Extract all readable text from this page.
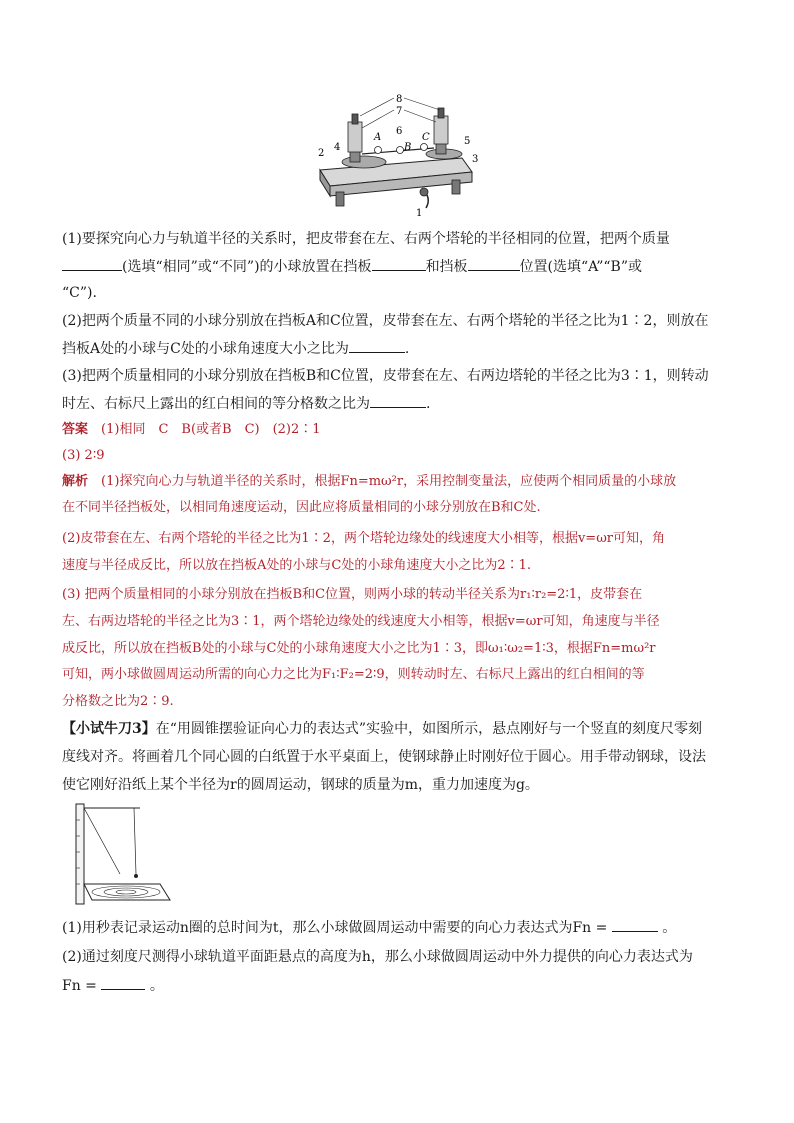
8
7
6
A
B
C	5
3
2
4
1
(1)要探究向心力与轨道半径的关系时，把皮带套在左、右两个塔轮的半径相同的位置，把两个质量
(选填“相同”或“不同”)的小球放置在挡板	和挡板	位置(选填“A”“B”或
“C”).
(2)把两个质量不同的小球分别放在挡板A和C位置，皮带套在左、右两个塔轮的半径之比为1∶2，则放在
挡板A处的小球与C处的小球角速度大小之比为	.
(3)把两个质量相同的小球分别放在挡板B和C位置，皮带套在左、右两边塔轮的半径之比为3∶1，则转动
时左、右标尺上露出的红白相间的等分格数之比为	.
答案　 (1)相同　C　B(或者B　C)　(2)2∶1
(3) 2∶9
解析　 (1)探究向心力与轨道半径的关系时，根据Fn=mω²r，采用控制变量法，应使两个相同质量的小球放
在不同半径挡板处，以相同角速度运动，因此应将质量相同的小球分别放在B和C处.
(2)皮带套在左、右两个塔轮的半径之比为1∶2，两个塔轮边缘处的线速度大小相等，根据v=ωr可知，角
速度与半径成反比，所以放在挡板A处的小球与C处的小球角速度大小之比为2∶1.
(3) 把两个质量相同的小球分别放在挡板B和C位置，则两小球的转动半径关系为r₁∶r₂=2∶1，皮带套在
左、右两边塔轮的半径之比为3∶1，两个塔轮边缘处的线速度大小相等，根据v=ωr可知，角速度与半径
成反比，所以放在挡板B处的小球与C处的小球角速度大小之比为1∶3，即ω₁∶ω₂=1∶3，根据Fn=mω²r
可知，两小球做圆周运动所需的向心力之比为F₁∶F₂=2∶9，则转动时左、右标尺上露出的红白相间的等
分格数之比为2∶9.
【小试牛刀3】在“用圆锥摆验证向心力的表达式”实验中，如图所示，悬点刚好与一个竖直的刻度尺零刻
度线对齐。将画着几个同心圆的白纸置于水平桌面上，使钢球静止时刚好位于圆心。用手带动钢球，设法
使它刚好沿纸上某个半径为r的圆周运动，钢球的质量为m，重力加速度为g。
(1)用秒表记录运动n圈的总时间为t，那么小球做圆周运动中需要的向心力表达式为Fn =	。
(2)通过刻度尺测得小球轨道平面距悬点的高度为h，那么小球做圆周运动中外力提供的向心力表达式为
Fn =	。
